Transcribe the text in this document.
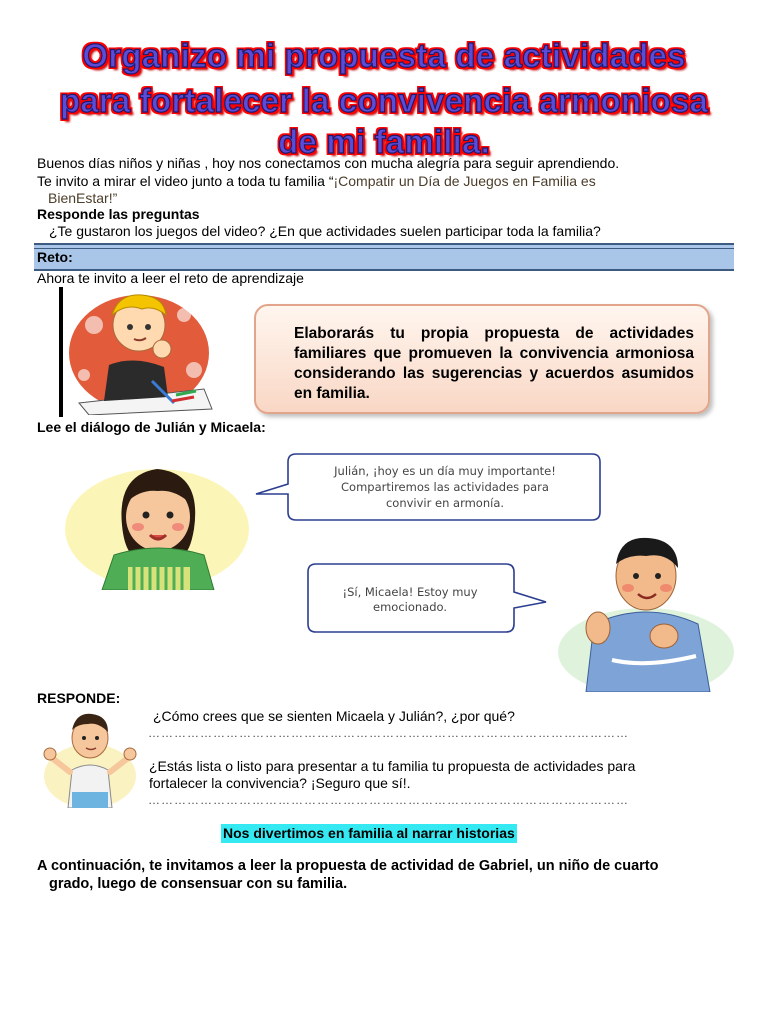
Organizo mi propuesta de actividades
para fortalecer la convivencia armoniosa
de mi familia.
Buenos días niños y niñas , hoy nos conectamos con mucha alegría para seguir aprendiendo.
Te invito a mirar el video junto a toda tu familia “¡Compatir un Día de Juegos en Familia es
BienEstar!”
Responde las preguntas
¿Te gustaron los juegos del video? ¿En que actividades suelen participar toda la familia?
Reto:
Ahora te invito a leer el reto de aprendizaje
Elaborarás tu propia propuesta de actividades familiares que promueven la convivencia armoniosa considerando las sugerencias y acuerdos asumidos en familia.
Lee el diálogo de Julián y Micaela:
Julián, ¡hoy es un día muy importante!
Compartiremos las actividades para
convivir en armonía.
¡Sí, Micaela! Estoy muy
emocionado.
RESPONDE:
¿Cómo crees que se sienten Micaela y Julián?, ¿por qué?
…………………………………………………………………………………………………
¿Estás lista o listo para presentar a tu familia tu propuesta de actividades para
fortalecer la convivencia? ¡Seguro que sí!.
…………………………………………………………………………………………………
Nos divertimos en familia al narrar historias
A continuación, te invitamos a leer la propuesta de actividad de Gabriel, un niño de cuarto
grado, luego de consensuar con su familia.
